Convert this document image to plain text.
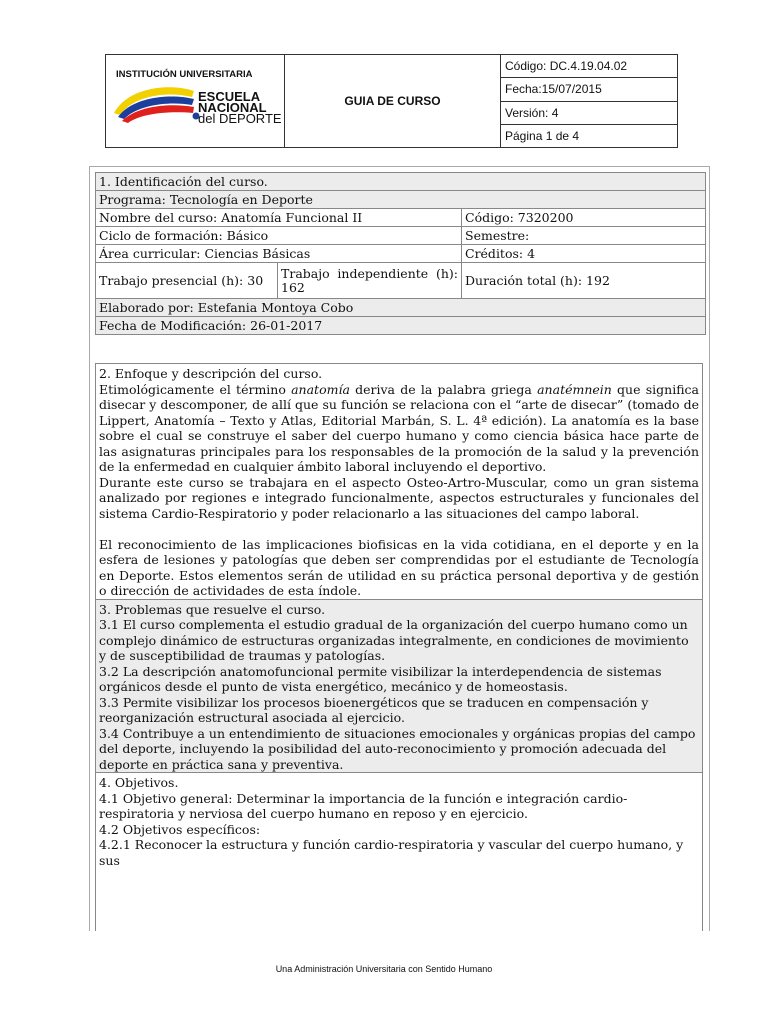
INSTITUCIÓN UNIVERSITARIA
ESCUELA
NACIONAL
del DEPORTE
	GUIA DE CURSO	Código: DC.4.19.04.02
Fecha:15/07/2015
Versión: 4
Página 1 de 4
1. Identificación del curso.		
Programa: Tecnología en Deporte		
Nombre del curso: Anatomía Funcional II		Código: 7320200
Ciclo de formación: Básico		Semestre:
Área curricular: Ciencias Básicas		Créditos: 4
Trabajo presencial (h): 30	Trabajo independiente (h): 162	Duración total (h): 192
Elaborado por: Estefania Montoya Cobo		
Fecha de Modificación: 26-01-2017		

2. Enfoque y descripción del curso.

Etimológicamente el término anatomía deriva de la palabra griega anatémnein que significa disecar y descomponer, de allí que su función se relaciona con el “arte de disecar” (tomado de Lippert, Anatomía – Texto y Atlas, Editorial Marbán, S. L. 4ª edición). La anatomía es la base sobre el cual se construye el saber del cuerpo humano y como ciencia básica hace parte de las asignaturas principales para los responsables de la promoción de la salud y la prevención de la enfermedad en cualquier ámbito laboral incluyendo el deportivo.

Durante este curso se trabajara en el aspecto Osteo-Artro-Muscular, como un gran sistema analizado por regiones e integrado funcionalmente, aspectos estructurales y funcionales del sistema Cardio-Respiratorio y poder relacionarlo a las situaciones del campo laboral.

El reconocimiento de las implicaciones biofisicas en la vida cotidiana, en el deporte y en la esfera de lesiones y patologías que deben ser comprendidas por el estudiante de Tecnología en Deporte. Estos elementos serán de utilidad en su práctica personal deportiva y de gestión o dirección de actividades de esta índole.

3. Problemas que resuelve el curso.

3.1 El curso complementa el estudio gradual de la organización del cuerpo humano como un complejo dinámico de estructuras organizadas integralmente, en condiciones de movimiento y de susceptibilidad de traumas y patologías.

3.2 La descripción anatomofuncional permite visibilizar la interdependencia de sistemas orgánicos desde el punto de vista energético, mecánico y de homeostasis.

3.3 Permite visibilizar los procesos bioenergéticos que se traducen en compensación y reorganización estructural asociada al ejercicio.

3.4 Contribuye a un entendimiento de situaciones emocionales y orgánicas propias del campo del deporte, incluyendo la posibilidad del auto-reconocimiento y promoción adecuada del deporte en práctica sana y preventiva.

4. Objetivos.

4.1 Objetivo general: Determinar la importancia de la función e integración cardio-respiratoria y nerviosa del cuerpo humano en reposo y en ejercicio.

4.2 Objetivos específicos:

4.2.1 Reconocer la estructura y función cardio-respiratoria y vascular del cuerpo humano, y sus

Una Administración Universitaria con Sentido Humano
